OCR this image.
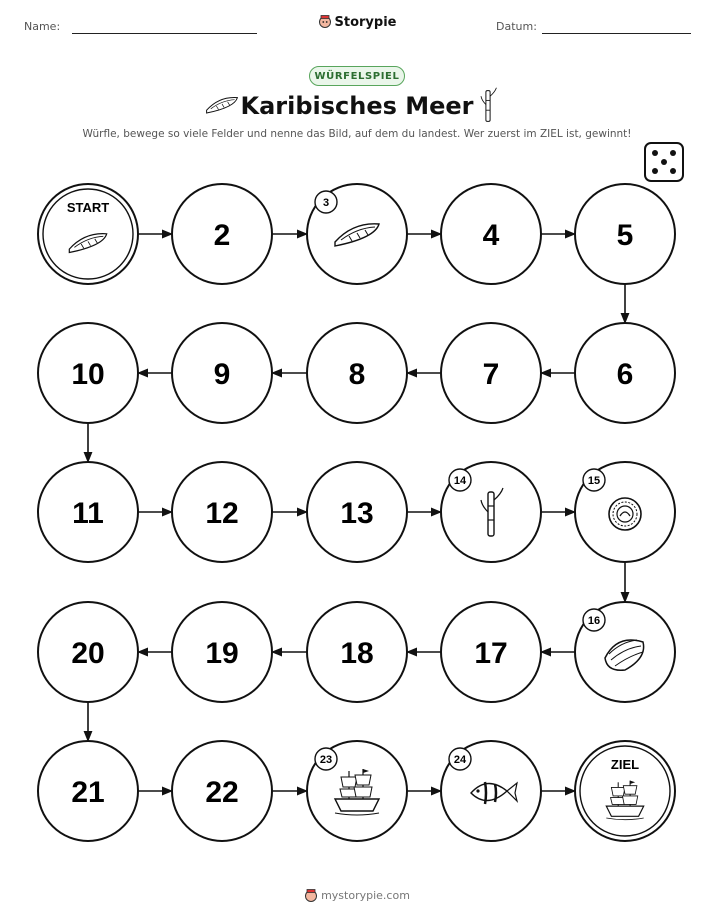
Name:	Storypie	Datum:
WÜRFELSPIEL
Karibisches Meer
Würfle, bewege so viele Felder und nenne das Bild, auf dem du landest. Wer zuerst im ZIEL ist, gewinnt!
START
2
3
4	5
6
7
8
9
10
11	12	13
14	15
16
17
18
19
20
21	22
23	24	ZIEL
mystorypie.com
